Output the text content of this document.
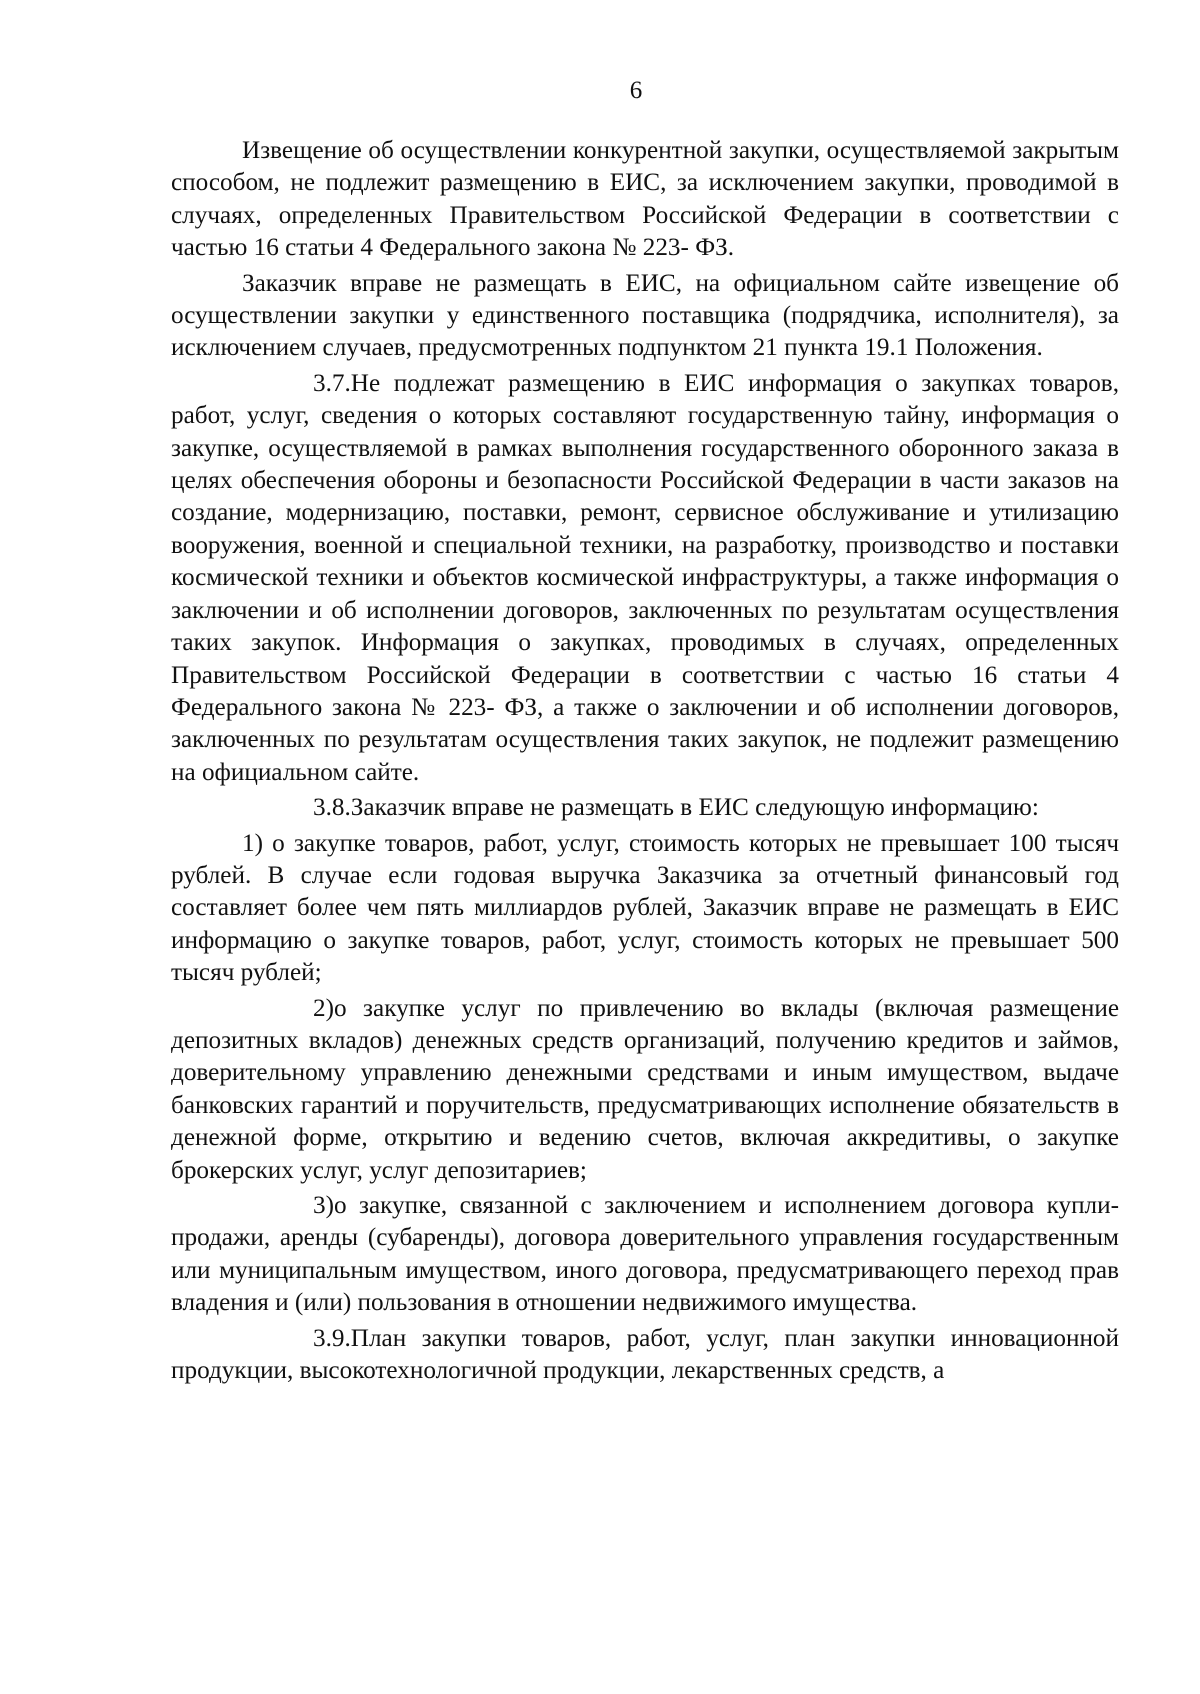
6

Извещение об осуществлении конкурентной закупки, осуществляемой закрытым способом, не подлежит размещению в ЕИС, за исключением закупки, проводимой в случаях, определенных Правительством Российской Федерации в соответствии с частью 16 статьи 4 Федерального закона № 223- ФЗ.

Заказчик вправе не размещать в ЕИС, на официальном сайте извещение об осуществлении закупки у единственного поставщика (подрядчика, исполнителя), за исключением случаев, предусмотренных подпунктом 21 пункта 19.1 Положения.

3.7.Не подлежат размещению в ЕИС информация о закупках товаров, работ, услуг, сведения о которых составляют государственную тайну, информация о закупке, осуществляемой в рамках выполнения государственного оборонного заказа в целях обеспечения обороны и безопасности Российской Федерации в части заказов на создание, модернизацию, поставки, ремонт, сервисное обслуживание и утилизацию вооружения, военной и специальной техники, на разработку, производство и поставки космической техники и объектов космической инфраструктуры, а также информация о заключении и об исполнении договоров, заключенных по результатам осуществления таких закупок. Информация о закупках, проводимых в случаях, определенных Правительством Российской Федерации в соответствии с частью 16 статьи 4 Федерального закона № 223- ФЗ, а также о заключении и об исполнении договоров, заключенных по результатам осуществления таких закупок, не подлежит размещению на официальном сайте.

3.8.Заказчик вправе не размещать в ЕИС следующую информацию:

1) о закупке товаров, работ, услуг, стоимость которых не превышает 100 тысяч рублей. В случае если годовая выручка Заказчика за отчетный финансовый год составляет более чем пять миллиардов рублей, Заказчик вправе не размещать в ЕИС информацию о закупке товаров, работ, услуг, стоимость которых не превышает 500 тысяч рублей;

2)о закупке услуг по привлечению во вклады (включая размещение депозитных вкладов) денежных средств организаций, получению кредитов и займов, доверительному управлению денежными средствами и иным имуществом, выдаче банковских гарантий и поручительств, предусматривающих исполнение обязательств в денежной форме, открытию и ведению счетов, включая аккредитивы, о закупке брокерских услуг, услуг депозитариев;

3)о закупке, связанной с заключением и исполнением договора купли-продажи, аренды (субаренды), договора доверительного управления государственным или муниципальным имуществом, иного договора, предусматривающего переход прав владения и (или) пользования в отношении недвижимого имущества.

3.9.План закупки товаров, работ, услуг, план закупки инновационной продукции, высокотехнологичной продукции, лекарственных средств, а
